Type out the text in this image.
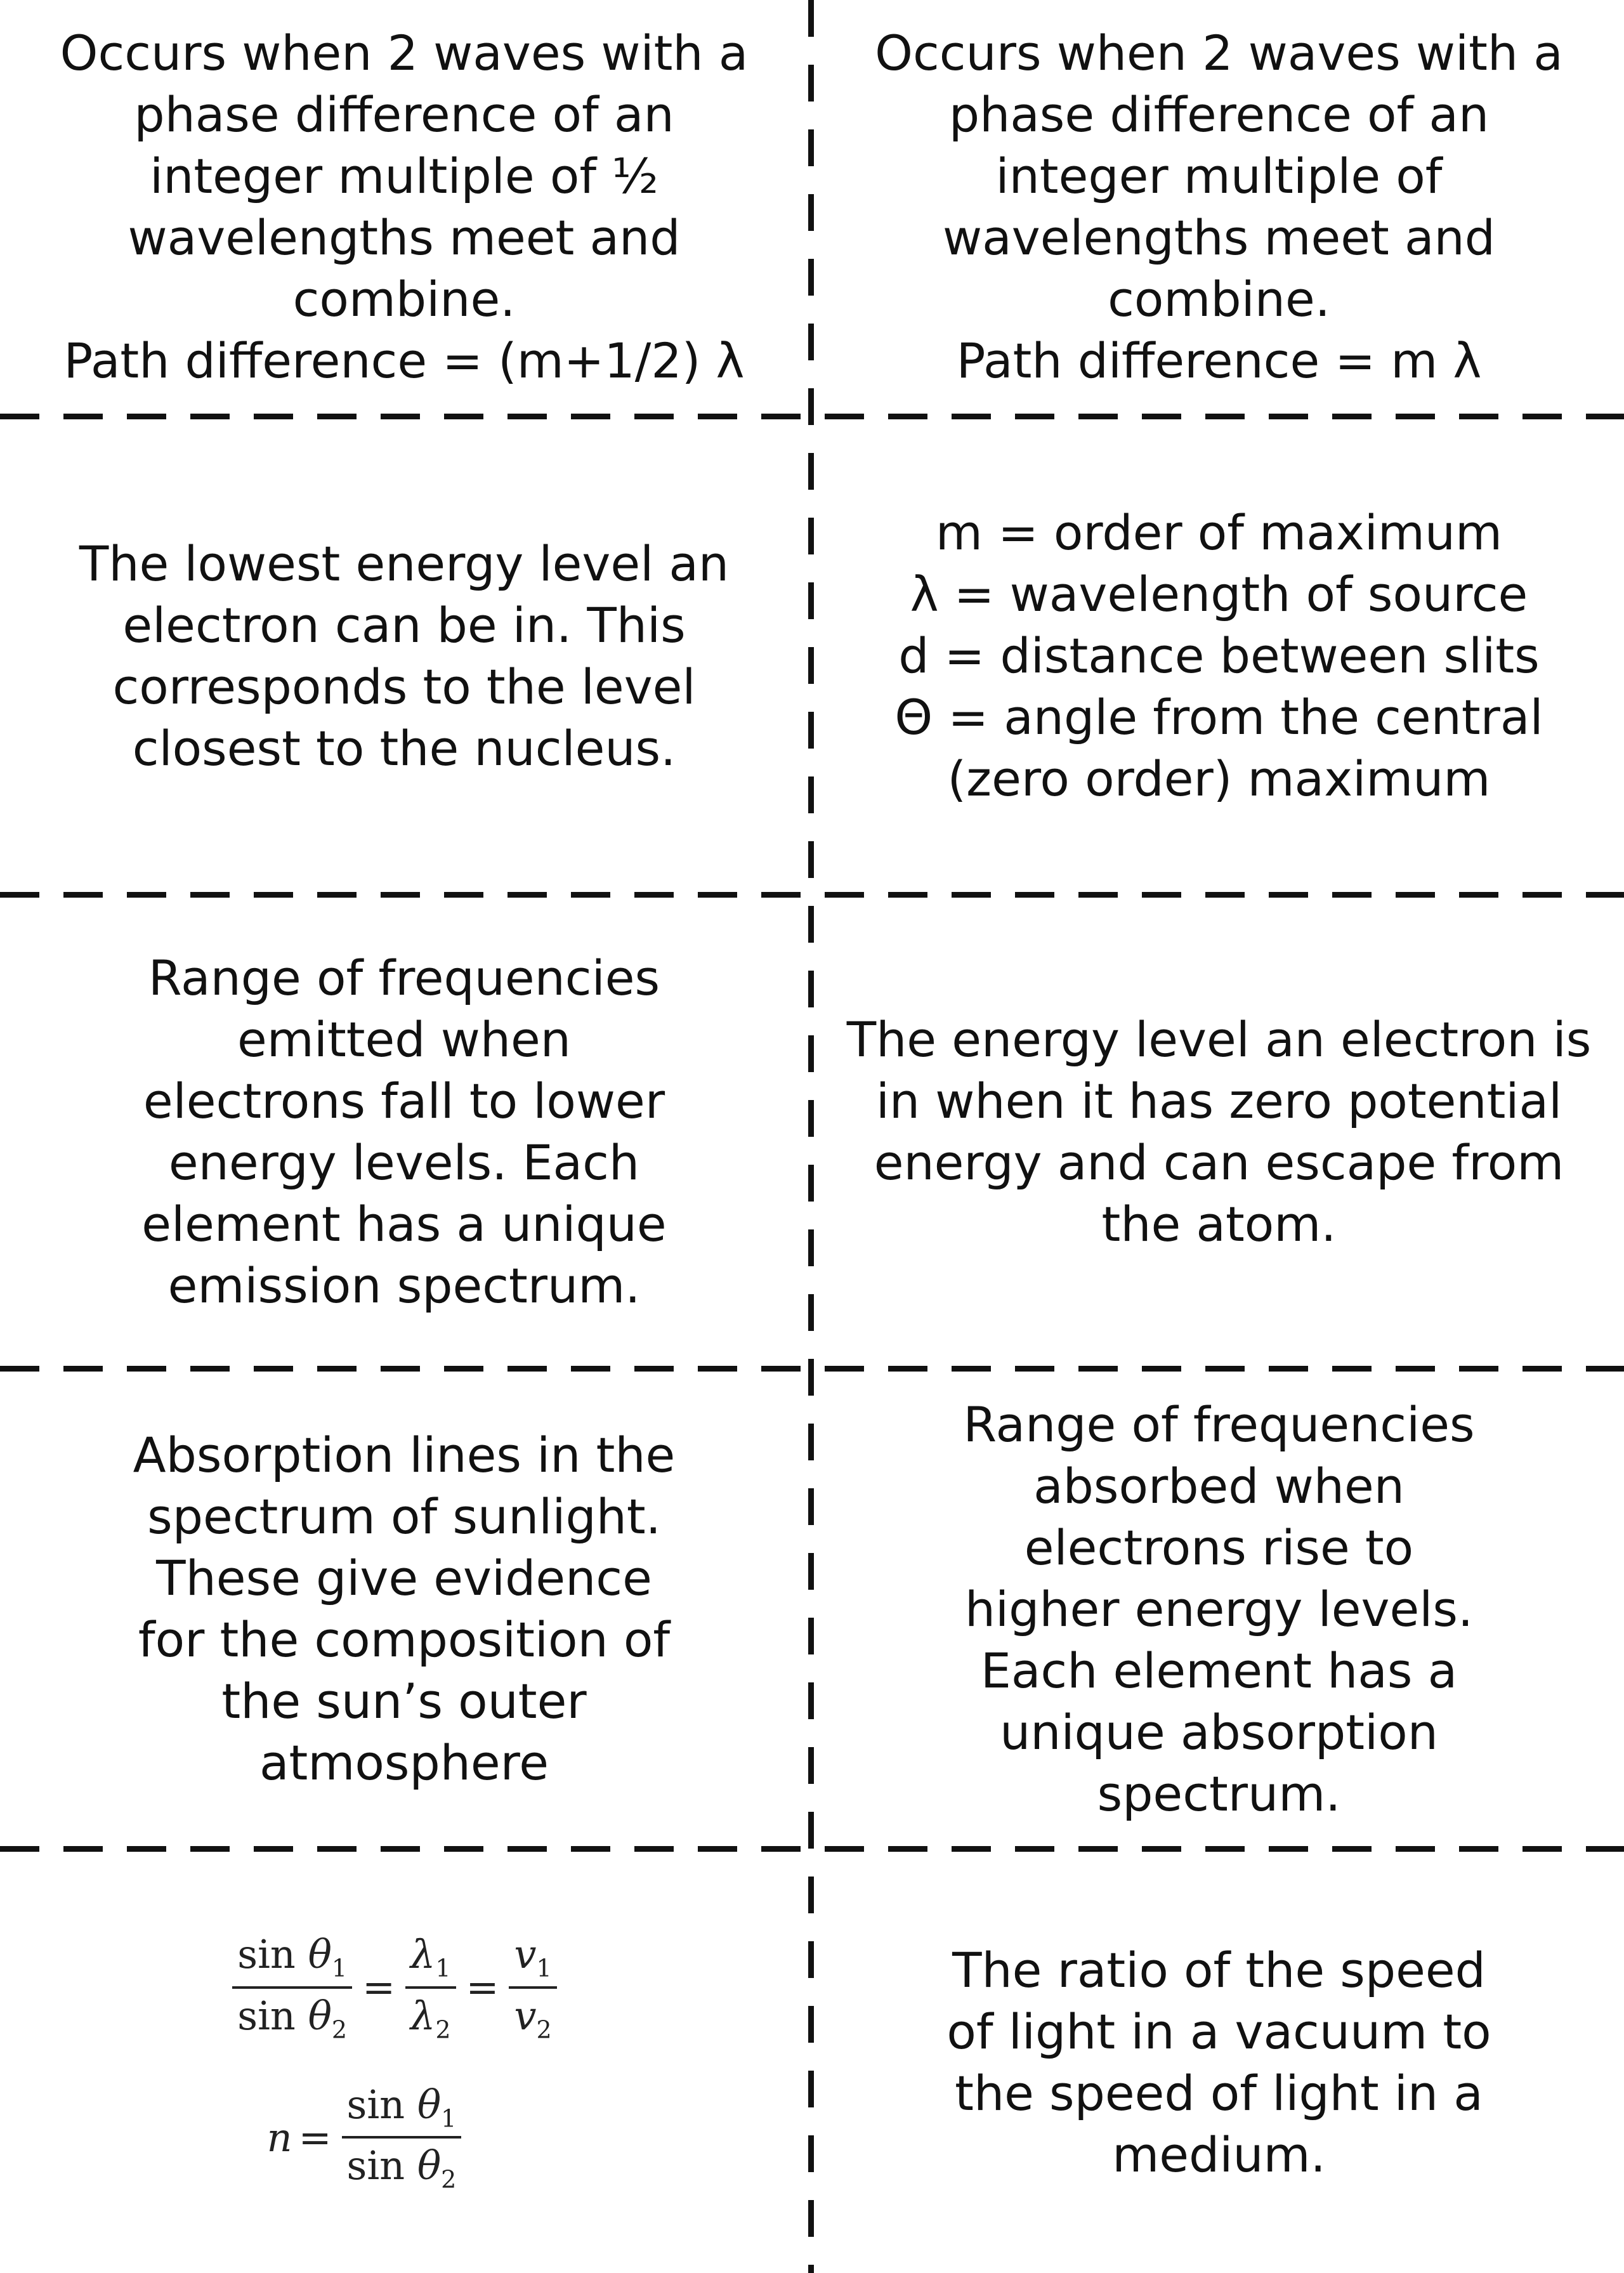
Occurs when 2 waves with a
phase difference of an
integer multiple of ½
wavelengths meet and
combine.
Path difference = (m+1/2) λ
Occurs when 2 waves with a
phase difference of an
integer multiple of
wavelengths meet and
combine.
Path difference = m λ
The lowest energy level an
electron can be in. This
corresponds to the level
closest to the nucleus.
m = order of maximum
λ = wavelength of source
d = distance between slits
Θ = angle from the central
(zero order) maximum
Range of frequencies
emitted when
electrons fall to lower
energy levels. Each
element has a unique
emission spectrum.
The energy level an electron is
in when it has zero potential
energy and can escape from
the atom.
Absorption lines in the
spectrum of sunlight.
These give evidence
for the composition of
the sun’s outer
atmosphere
Range of frequencies
absorbed when
electrons rise to
higher energy levels.
Each element has a
unique absorption
spectrum.
$\frac{\sin \theta_1}{\sin \theta_2} = \frac{\lambda_1}{\lambda_2} = \frac{v_1}{v_2}$
$n = \frac{\sin \theta_1}{\sin \theta_2}$
The ratio of the speed
of light in a vacuum to
the speed of light in a
medium.
